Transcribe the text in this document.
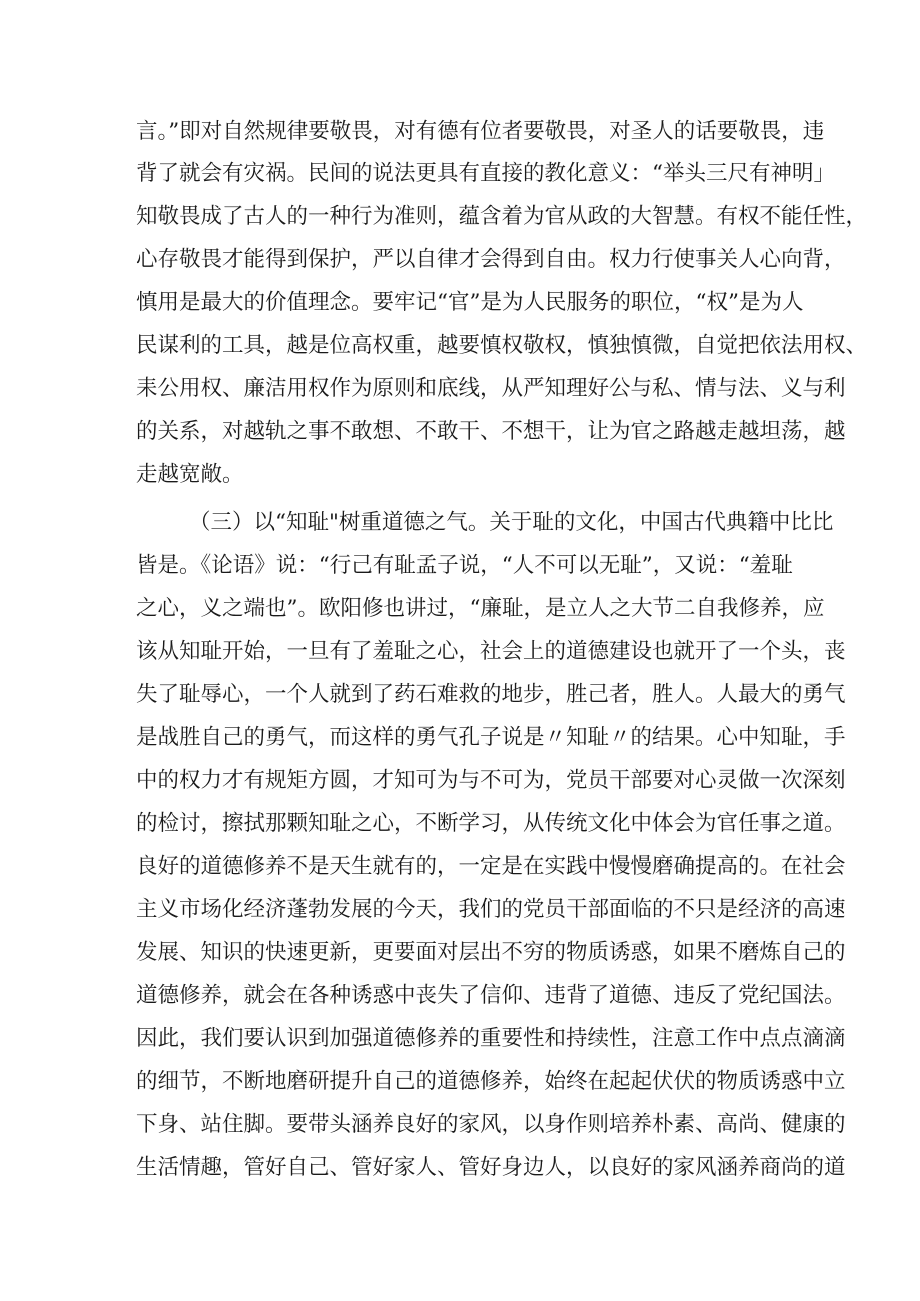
言。”即对自然规律要敬畏，对有德有位者要敬畏，对圣人的话要敬畏，违
背了就会有灾祸。民间的说法更具有直接的教化意义：“举头三尺有神明」
知敬畏成了古人的一种行为准则，蕴含着为官从政的大智慧。有权不能任性，
心存敬畏才能得到保护，严以自律才会得到自由。权力行使事关人心向背，
慎用是最大的价值理念。要牢记“官”是为人民服务的职位，“权”是为人
民谋利的工具，越是位高权重，越要慎权敬权，慎独慎微，自觉把依法用权、
耒公用权、廉洁用权作为原则和底线，从严知理好公与私、情与法、义与利
的关系，对越轨之事不敢想、不敢干、不想干，让为官之路越走越坦荡，越
走越宽敞。
（三）以“知耻"树重道德之气。关于耻的文化，中国古代典籍中比比
皆是。《论语》说：“行己有耻孟子说，“人不可以无耻”，又说：“羞耻
之心，义之端也”。欧阳修也讲过，“廉耻，是立人之大节二自我修养，应
该从知耻开始，一旦有了羞耻之心，社会上的道德建设也就开了一个头，丧
失了耻辱心，一个人就到了药石难救的地步，胜己者，胜人。人最大的勇气
是战胜自己的勇气，而这样的勇气孔子说是〃知耻〃的结果。心中知耻，手
中的权力才有规矩方圆，才知可为与不可为，党员干部要对心灵做一次深刻
的检讨，擦拭那颗知耻之心，不断学习，从传统文化中体会为官任事之道。
良好的道德修养不是天生就有的，一定是在实践中慢慢磨确提高的。在社会
主义市场化经济蓬勃发展的今天，我们的党员干部面临的不只是经济的高速
发展、知识的快速更新，更要面对层出不穷的物质诱惑，如果不磨炼自己的
道德修养，就会在各种诱惑中丧失了信仰、违背了道德、违反了党纪国法。
因此，我们要认识到加强道德修养的重要性和持续性，注意工作中点点滴滴
的细节，不断地磨研提升自己的道德修养，始终在起起伏伏的物质诱惑中立
下身、站住脚。要带头涵养良好的家风，以身作则培养朴素、高尚、健康的
生活情趣，管好自己、管好家人、管好身边人，以良好的家风涵养商尚的道
